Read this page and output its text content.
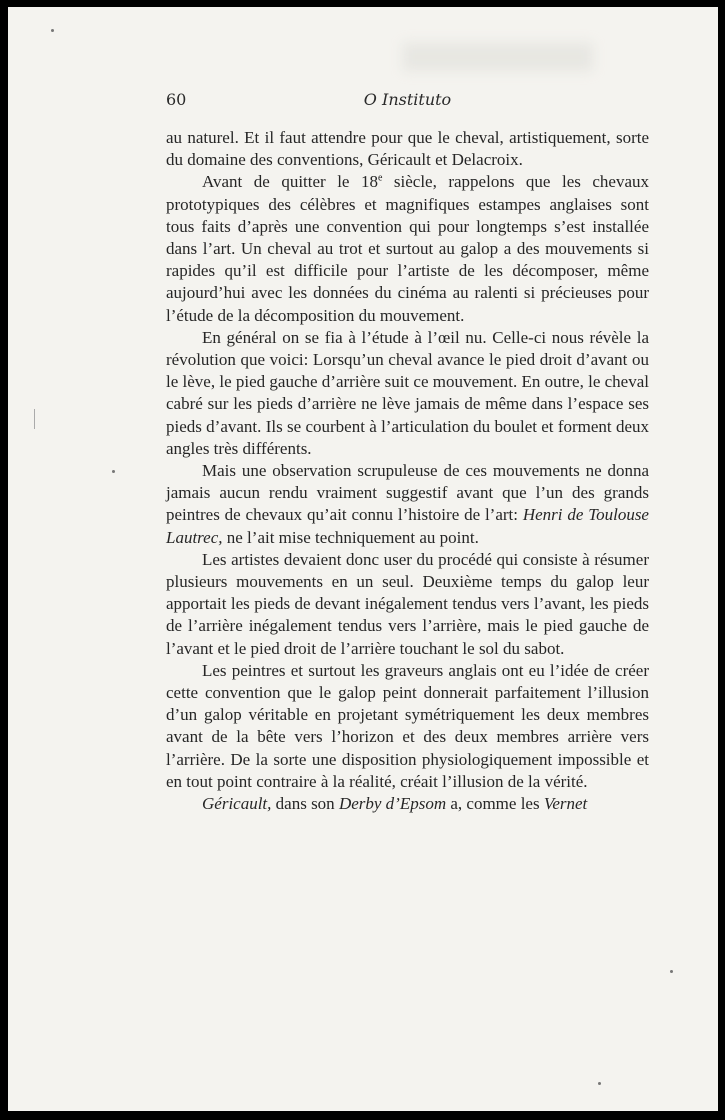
60	O Instituto

au naturel. Et il faut attendre pour que le cheval, artistiquement, sorte du domaine des conventions, Géricault et Delacroix.

Avant de quitter le 18e siècle, rappelons que les chevaux prototypiques des célèbres et magnifiques estampes anglaises sont tous faits d’après une convention qui pour longtemps s’est installée dans l’art. Un cheval au trot et surtout au galop a des mouvements si rapides qu’il est difficile pour l’artiste de les décomposer, même aujourd’hui avec les données du cinéma au ralenti si précieuses pour l’étude de la décomposition du mouvement.

En général on se fia à l’étude à l’œil nu. Celle-ci nous révèle la révolution que voici: Lorsqu’un cheval avance le pied droit d’avant ou le lève, le pied gauche d’arrière suit ce mouvement. En outre, le cheval cabré sur les pieds d’arrière ne lève jamais de même dans l’espace ses pieds d’avant. Ils se courbent à l’articulation du boulet et forment deux angles très différents.

Mais une observation scrupuleuse de ces mouvements ne donna jamais aucun rendu vraiment suggestif avant que l’un des grands peintres de chevaux qu’ait connu l’histoire de l’art: Henri de Toulouse Lautrec, ne l’ait mise techniquement au point.

Les artistes devaient donc user du procédé qui consiste à résumer plusieurs mouvements en un seul. Deuxième temps du galop leur apportait les pieds de devant inégalement tendus vers l’avant, les pieds de l’arrière inégalement tendus vers l’arrière, mais le pied gauche de l’avant et le pied droit de l’arrière touchant le sol du sabot.

Les peintres et surtout les graveurs anglais ont eu l’idée de créer cette convention que le galop peint donnerait parfaitement l’illusion d’un galop véritable en projetant symétriquement les deux membres avant de la bête vers l’horizon et des deux membres arrière vers l’arrière. De la sorte une disposition physiologiquement impossible et en tout point contraire à la réalité, créait l’illusion de la vérité.

Géricault, dans son Derby d’Epsom a, comme les Vernet
